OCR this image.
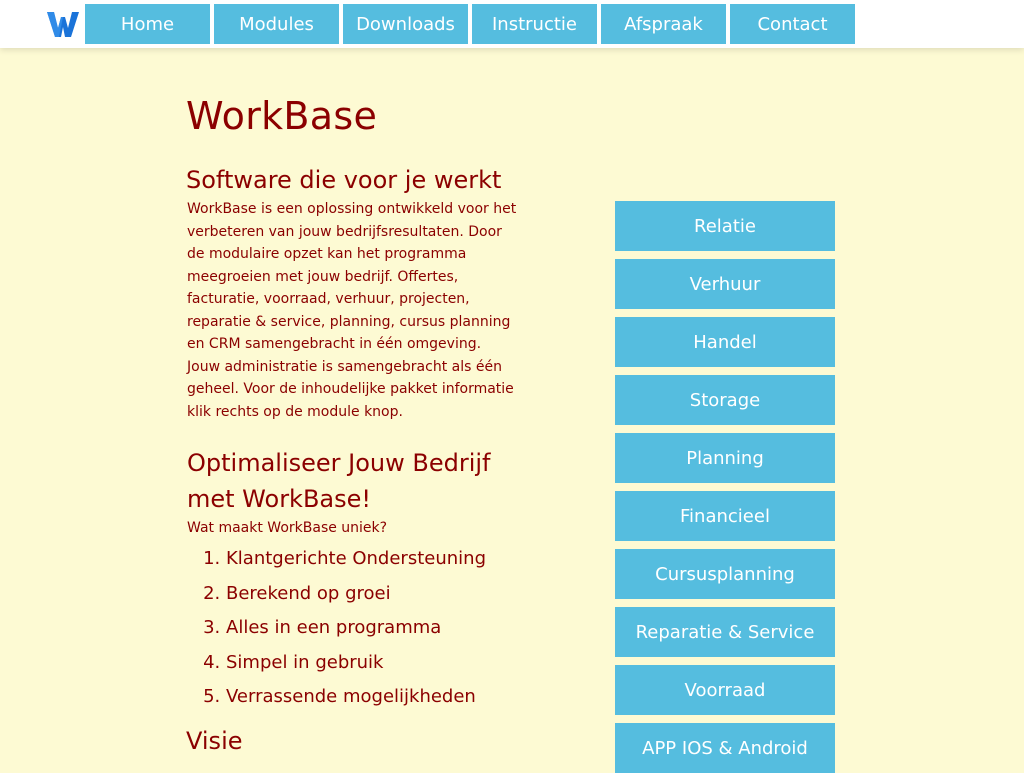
Home	Modules	Downloads	Instructie	Afspraak	Contact
WorkBase
Software die voor je werkt

WorkBase is een oplossing ontwikkeld voor het verbeteren van jouw bedrijfsresultaten. Door de modulaire opzet kan het programma meegroeien met jouw bedrijf. Offertes, facturatie, voorraad, verhuur, projecten, reparatie & service, planning, cursus planning en CRM samengebracht in één omgeving. Jouw administratie is samengebracht als één geheel. Voor de inhoudelijke pakket informatie klik rechts op de module knop.

Optimaliseer Jouw Bedrijf met WorkBase!
Wat maakt WorkBase uniek?
1. Klantgerichte Ondersteuning
2. Berekend op groei
3. Alles in een programma
4. Simpel in gebruik
5. Verrassende mogelijkheden
Visie
Relatie
Verhuur
Handel
Storage
Planning
Financieel
Cursusplanning
Reparatie & Service
Voorraad
APP IOS & Android
